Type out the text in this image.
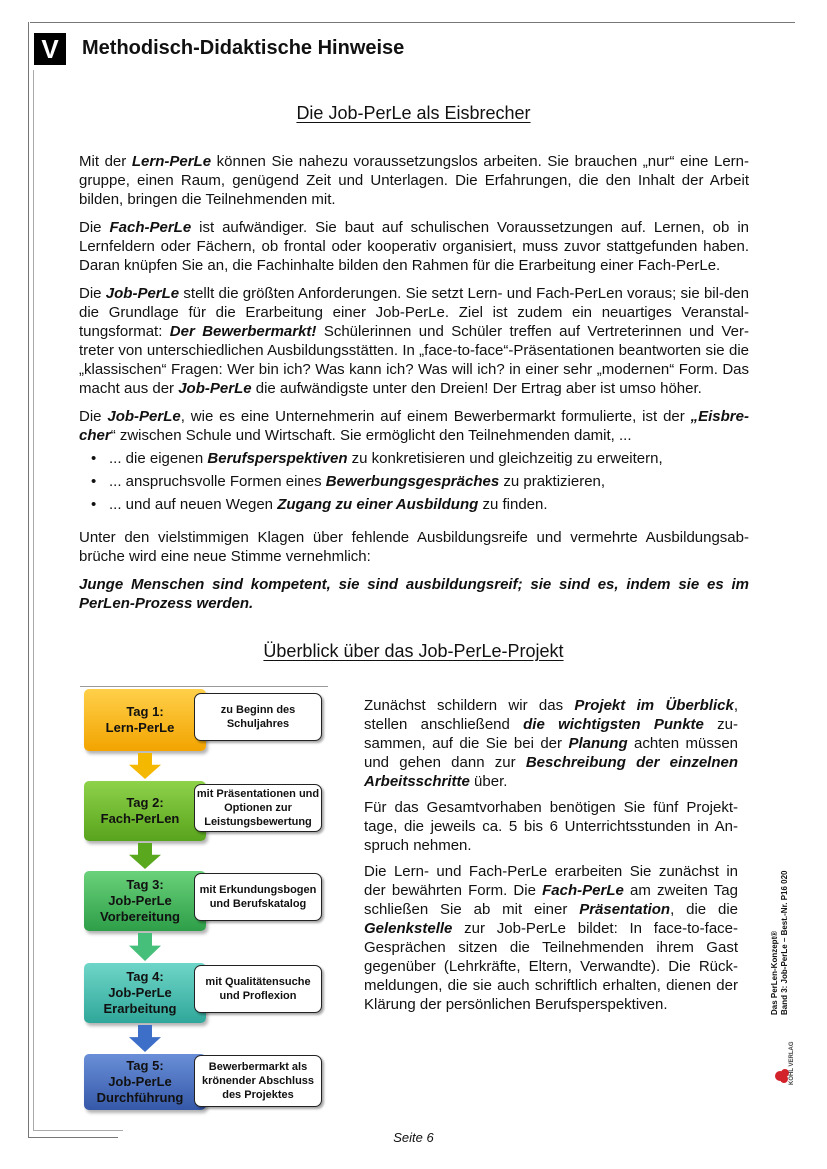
V	Methodisch-Didaktische Hinweise
Die Job-PerLe als Eisbrecher

Mit der Lern-PerLe können Sie nahezu voraussetzungslos arbeiten. Sie brauchen „nur“ eine Lern-gruppe, einen Raum, genügend Zeit und Unterlagen. Die Erfahrungen, die den Inhalt der Arbeit bilden, bringen die Teilnehmenden mit.

Die Fach-PerLe ist aufwändiger. Sie baut auf schulischen Voraussetzungen auf. Lernen, ob in Lernfeldern oder Fächern, ob frontal oder kooperativ organisiert, muss zuvor stattgefunden haben. Daran knüpfen Sie an, die Fachinhalte bilden den Rahmen für die Erarbeitung einer Fach-PerLe.

Die Job-PerLe stellt die größten Anforderungen. Sie setzt Lern- und Fach-PerLen voraus; sie bil-den die Grundlage für die Erarbeitung einer Job-PerLe. Ziel ist zudem ein neuartiges Veranstal-tungsformat: Der Bewerbermarkt! Schülerinnen und Schüler treffen auf Vertreterinnen und Ver-treter von unterschiedlichen Ausbildungsstätten. In „face-to-face“-Präsentationen beantworten sie die „klassischen“ Fragen: Wer bin ich? Was kann ich? Was will ich? in einer sehr „modernen“ Form. Das macht aus der Job-PerLe die aufwändigste unter den Dreien! Der Ertrag aber ist umso höher.

Die Job-PerLe, wie es eine Unternehmerin auf einem Bewerbermarkt formulierte, ist der „Eisbre-cher“ zwischen Schule und Wirtschaft. Sie ermöglicht den Teilnehmenden damit, ...

• ... die eigenen Berufsperspektiven zu konkretisieren und gleichzeitig zu erweitern,
• ... anspruchsvolle Formen eines Bewerbungsgespräches zu praktizieren,
• ... und auf neuen Wegen Zugang zu einer Ausbildung zu finden.

Unter den vielstimmigen Klagen über fehlende Ausbildungsreife und vermehrte Ausbildungsab-brüche wird eine neue Stimme vernehmlich:

Junge Menschen sind kompetent, sie sind ausbildungsreif; sie sind es, indem sie es im PerLen-Prozess werden.

Überblick über das Job-PerLe-Projekt
Tag 1:
Lern-PerLe
zu Beginn des Schuljahres
Tag 2:
Fach-PerLen
mit Präsentationen und Optionen zur Leistungsbewertung
Tag 3:
Job-PerLe Vorbereitung
mit Erkundungsbogen und Berufskatalog
Tag 4:
Job-PerLe Erarbeitung
mit Qualitätensuche und Proflexion
Tag 5:
Job-PerLe Durchführung
Bewerbermarkt als krönender Abschluss des Projektes

Zunächst schildern wir das Projekt im Überblick, stellen anschließend die wichtigsten Punkte zu-sammen, auf die Sie bei der Planung achten müssen und gehen dann zur Beschreibung der einzelnen Arbeitsschritte über.

Für das Gesamtvorhaben benötigen Sie fünf Projekt-tage, die jeweils ca. 5 bis 6 Unterrichtsstunden in An-spruch nehmen.

Die Lern- und Fach-PerLe erarbeiten Sie zunächst in der bewährten Form. Die Fach-PerLe am zweiten Tag schließen Sie ab mit einer Präsentation, die die Gelenkstelle zur Job-PerLe bildet: In face-to-face-Gesprächen sitzen die Teilnehmenden ihrem Gast gegenüber (Lehrkräfte, Eltern, Verwandte). Die Rück-meldungen, die sie auch schriftlich erhalten, dienen der Klärung der persönlichen Berufsperspektiven.	Das PerLen-Konzept® Band 3: Job-PerLe – Best.-Nr. P16 020
KOHL VERLAG
Seite 6
